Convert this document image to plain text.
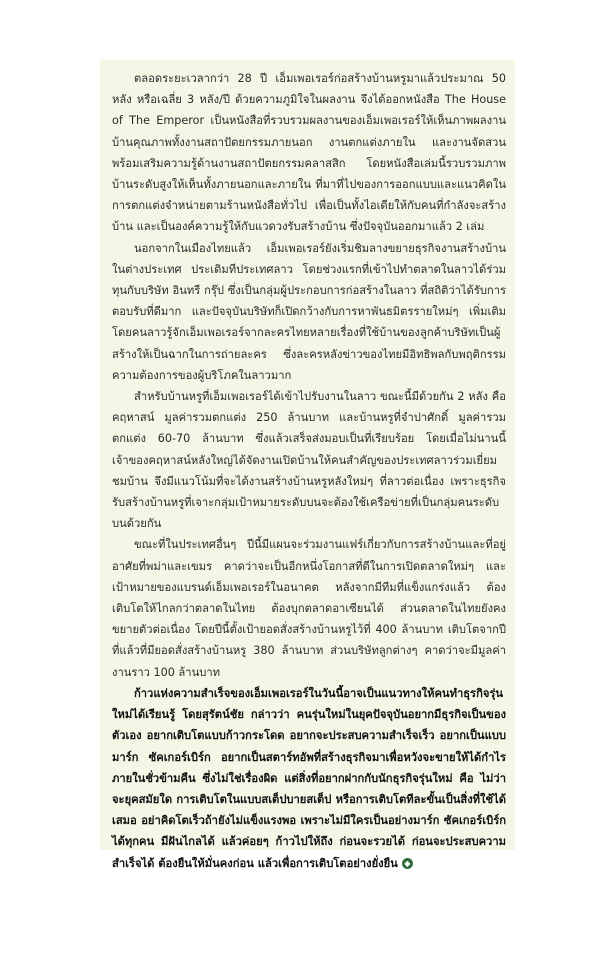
ตลอดระยะเวลากว่า 28 ปี เอ็มเพอเรอร์ก่อสร้างบ้านหรูมาแล้วประมาณ 50 หลัง หรือเฉลี่ย 3 หลัง/ปี ด้วยความภูมิใจในผลงาน จึงได้ออกหนังสือ The House of The Emperor เป็นหนังสือที่รวบรวมผลงานของเอ็มเพอเรอร์ให้เห็นภาพผลงานบ้านคุณภาพทั้งงานสถาปัตยกรรมภายนอก งานตกแต่งภายใน และงานจัดสวน พร้อมเสริมความรู้ด้านงานสถาปัตยกรรมคลาสสิก โดยหนังสือเล่มนี้รวบรวมภาพบ้านระดับสูงให้เห็นทั้งภายนอกและภายใน ที่มาที่ไปของการออกแบบและแนวคิดในการตกแต่งจำหน่ายตามร้านหนังสือทั่วไป เพื่อเป็นทั้งไอเดียให้กับคนที่กำลังจะสร้างบ้าน และเป็นองค์ความรู้ให้กับแวดวงรับสร้างบ้าน ซึ่งปัจจุบันออกมาแล้ว 2 เล่ม

นอกจากในเมืองไทยแล้ว เอ็มเพอเรอร์ยังเริ่มชิมลางขยายธุรกิจงานสร้างบ้านในต่างประเทศ ประเดิมทีประเทศลาว โดยช่วงแรกที่เข้าไปทำตลาดในลาวได้ร่วมทุนกับบริษัท อินทรี กรุ๊ป ซึ่งเป็นกลุ่มผู้ประกอบการก่อสร้างในลาว ที่สถิติว่าได้รับการตอบรับที่ดีมาก และปัจจุบันบริษัทก็เปิดกว้างกับการหาพันธมิตรรายใหม่ๆ เพิ่มเติม โดยคนลาวรู้จักเอ็มเพอเรอร์จากละครไทยหลายเรื่องที่ใช้บ้านของลูกค้าบริษัทเป็นผู้สร้างให้เป็นฉากในการถ่ายละคร ซึ่งละครหลังข่าวของไทยมีอิทธิพลกับพฤติกรรมความต้องการของผู้บริโภคในลาวมาก

สำหรับบ้านหรูที่เอ็มเพอเรอร์ได้เข้าไปรับงานในลาว ขณะนี้มีด้วยกัน 2 หลัง คือ คฤหาสน์ มูลค่ารวมตกแต่ง 250 ล้านบาท และบ้านหรูที่จำปาศักดิ์ มูลค่ารวมตกแต่ง 60-70 ล้านบาท ซึ่งแล้วเสร็จส่งมอบเป็นที่เรียบร้อย โดยเมื่อไม่นานนี้ เจ้าของคฤหาสน์หลังใหญ่ได้จัดงานเปิดบ้านให้คนสำคัญของประเทศลาวร่วมเยี่ยมชมบ้าน จึงมีแนวโน้มที่จะได้งานสร้างบ้านหรูหลังใหม่ๆ ที่ลาวต่อเนื่อง เพราะธุรกิจรับสร้างบ้านหรูที่เจาะกลุ่มเป้าหมายระดับบนจะต้องใช้เครือข่ายที่เป็นกลุ่มคนระดับบนด้วยกัน

ขณะที่ในประเทศอื่นๆ ปีนี้มีแผนจะร่วมงานแฟร์เกี่ยวกับการสร้างบ้านและที่อยู่อาศัยที่พม่าและเขมร คาดว่าจะเป็นอีกหนึ่งโอกาสที่ดีในการเปิดตลาดใหม่ๆ และเป้าหมายของแบรนด์เอ็มเพอเรอร์ในอนาคต หลังจากมีทีมที่แข็งแกร่งแล้ว ต้องเติบโตให้ไกลกว่าตลาดในไทย ต้องบุกตลาดอาเซียนได้ ส่วนตลาดในไทยยังคงขยายตัวต่อเนื่อง โดยปีนี้ตั้งเป้ายอดสั่งสร้างบ้านหรูไว้ที่ 400 ล้านบาท เติบโตจากปีที่แล้วที่มียอดสั่งสร้างบ้านหรู 380 ล้านบาท ส่วนบริษัทลูกต่างๆ คาดว่าจะมีมูลค่างานราว 100 ล้านบาท

ก้าวแห่งความสำเร็จของเอ็มเพอเรอร์ในวันนี้อาจเป็นแนวทางให้คนทำธุรกิจรุ่นใหม่ได้เรียนรู้ โดยสุรัตน์ชัย กล่าวว่า คนรุ่นใหม่ในยุคปัจจุบันอยากมีธุรกิจเป็นของตัวเอง อยากเติบโตแบบก้าวกระโดด อยากจะประสบความสำเร็จเร็ว อยากเป็นแบบมาร์ก ซัคเกอร์เบิร์ก อยากเป็นสตาร์ทอัพที่สร้างธุรกิจมาเพื่อหวังจะขายให้ได้กำไรภายในชั่วข้ามคืน ซึ่งไม่ใช่เรื่องผิด แต่สิ่งที่อยากฝากกับนักธุรกิจรุ่นใหม่ คือ ไม่ว่าจะยุคสมัยใด การเติบโตในแบบสเต็ปบายสเต็ป หรือการเติบโตทีละขั้นเป็นสิ่งที่ใช้ได้เสมอ อย่าคิดโตเร็วถ้ายังไม่แข็งแรงพอ เพราะไม่มีใครเป็นอย่างมาร์ก ซัคเกอร์เบิร์ก ได้ทุกคน มีฝันไกลได้ แล้วค่อยๆ ก้าวไปให้ถึง ก่อนจะรวยได้ ก่อนจะประสบความสำเร็จได้ ต้องยืนให้มั่นคงก่อน แล้วเพื่อการเติบโตอย่างยั่งยืน ◆
